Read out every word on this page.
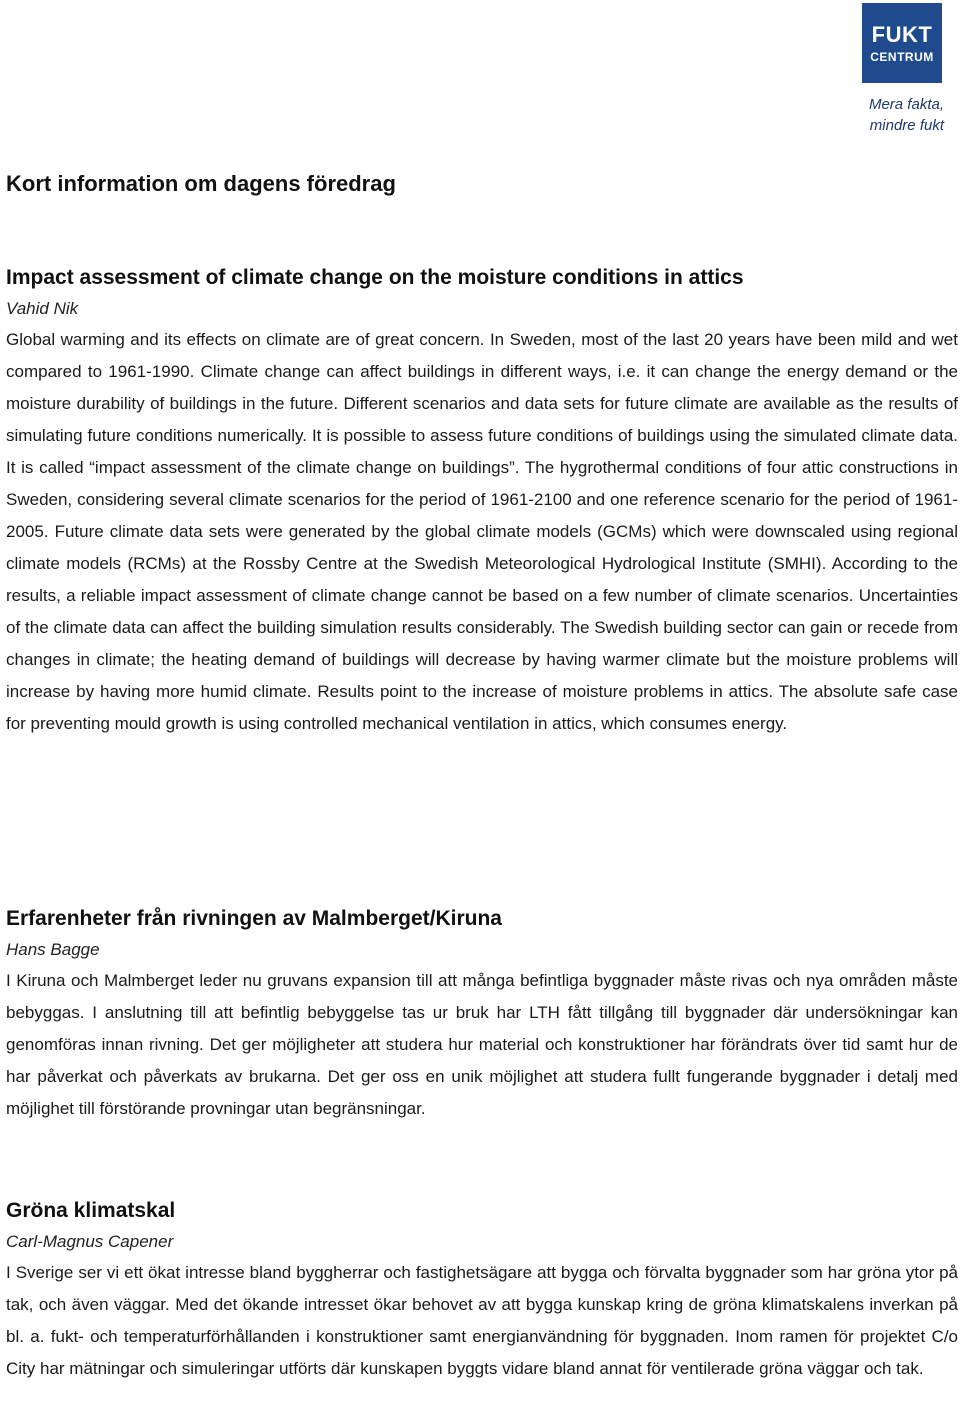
FUKT
CENTRUM
Mera fakta,
mindre fukt
Kort information om dagens föredrag
Impact assessment of climate change on the moisture conditions in attics

Vahid Nik

Global warming and its effects on climate are of great concern. In Sweden, most of the last 20 years have been mild and wet compared to 1961-1990. Climate change can affect buildings in different ways, i.e. it can change the energy demand or the moisture durability of buildings in the future. Different scenarios and data sets for future climate are available as the results of simulating future conditions numerically. It is possible to assess future conditions of buildings using the simulated climate data. It is called “impact assessment of the climate change on buildings”. The hygrothermal conditions of four attic constructions in Sweden, considering several climate scenarios for the period of 1961-2100 and one reference scenario for the period of 1961-2005. Future climate data sets were generated by the global climate models (GCMs) which were downscaled using regional climate models (RCMs) at the Rossby Centre at the Swedish Meteorological Hydrological Institute (SMHI). According to the results, a reliable impact assessment of climate change cannot be based on a few number of climate scenarios. Uncertainties of the climate data can affect the building simulation results considerably. The Swedish building sector can gain or recede from changes in climate; the heating demand of buildings will decrease by having warmer climate but the moisture problems will increase by having more humid climate. Results point to the increase of moisture problems in attics. The absolute safe case for preventing mould growth is using controlled mechanical ventilation in attics, which consumes energy.

Erfarenheter från rivningen av Malmberget/Kiruna

Hans Bagge

I Kiruna och Malmberget leder nu gruvans expansion till att många befintliga byggnader måste rivas och nya områden måste bebyggas. I anslutning till att befintlig bebyggelse tas ur bruk har LTH fått tillgång till byggnader där undersökningar kan genomföras innan rivning. Det ger möjligheter att studera hur material och konstruktioner har förändrats över tid samt hur de har påverkat och påverkats av brukarna. Det ger oss en unik möjlighet att studera fullt fungerande byggnader i detalj med möjlighet till förstörande provningar utan begränsningar.

Gröna klimatskal

Carl-Magnus Capener

I Sverige ser vi ett ökat intresse bland byggherrar och fastighetsägare att bygga och förvalta byggnader som har gröna ytor på tak, och även väggar. Med det ökande intresset ökar behovet av att bygga kunskap kring de gröna klimatskalens inverkan på bl. a. fukt- och temperaturförhållanden i konstruktioner samt energianvändning för byggnaden. Inom ramen för projektet C/o City har mätningar och simuleringar utförts där kunskapen byggts vidare bland annat för ventilerade gröna väggar och tak.
